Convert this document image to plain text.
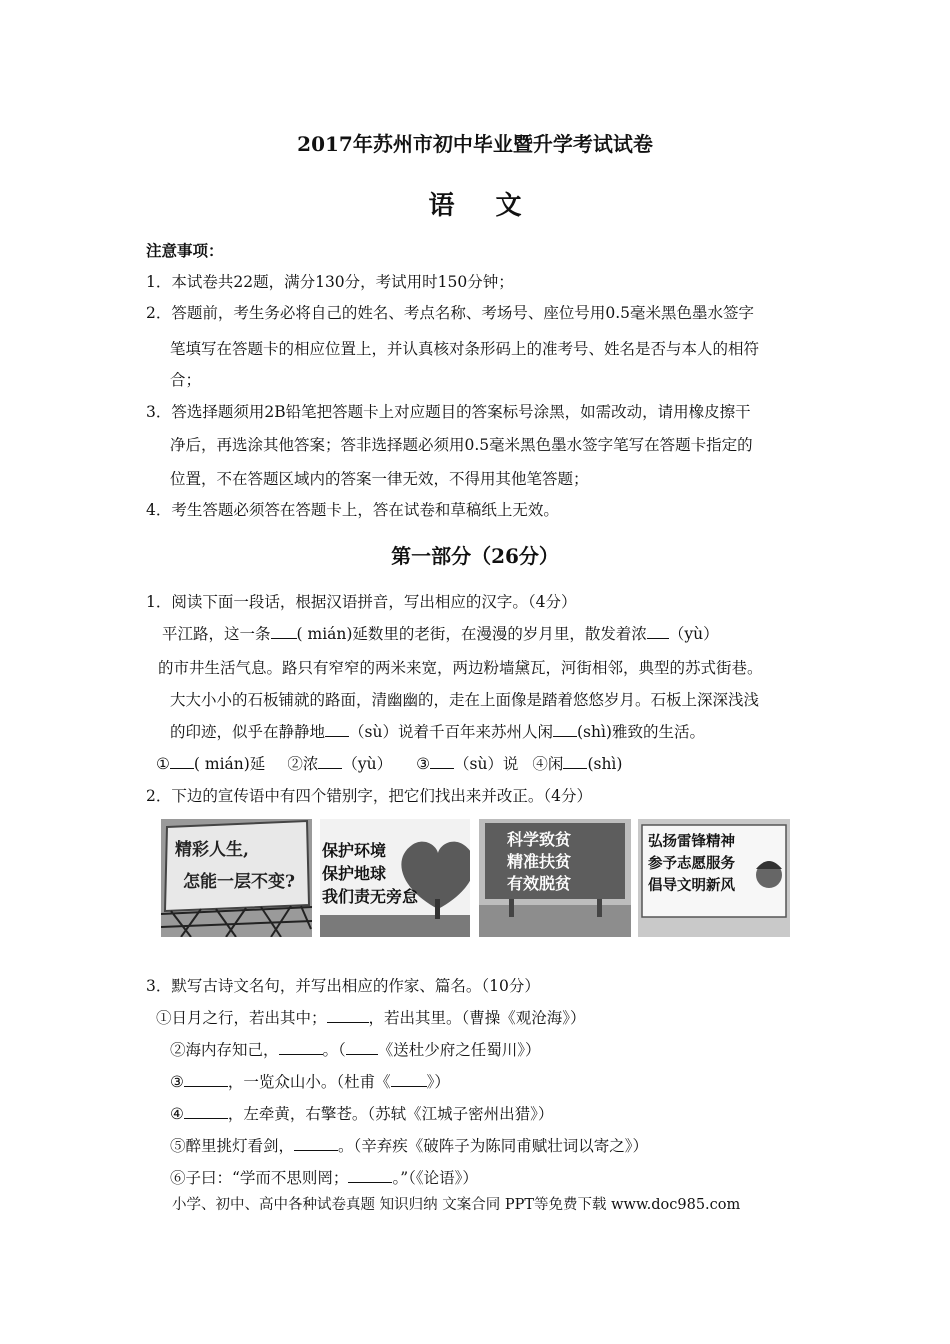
2017年苏州市初中毕业暨升学考试试卷
语 文
注意事项：
1．本试卷共22题，满分130分，考试用时150分钟；
2．答题前，考生务必将自己的姓名、考点名称、考场号、座位号用0.5毫米黑色墨水签字
笔填写在答题卡的相应位置上，并认真核对条形码上的准考号、姓名是否与本人的相符
合；
3．答选择题须用2B铅笔把答题卡上对应题目的答案标号涂黑，如需改动，请用橡皮擦干
净后，再选涂其他答案；答非选择题必须用0.5毫米黑色墨水签字笔写在答题卡指定的
位置，不在答题区域内的答案一律无效，不得用其他笔答题；
4．考生答题必须答在答题卡上，答在试卷和草稿纸上无效。
第一部分（26分）
1．阅读下面一段话，根据汉语拼音，写出相应的汉字。（4分）
平江路，这一条 ( mián)延数里的老街，在漫漫的岁月里，散发着浓 （yù）
的市井生活气息。路只有窄窄的两米来宽，两边粉墙黛瓦，河街相邻，典型的苏式街巷。
大大小小的石板铺就的路面，清幽幽的，走在上面像是踏着悠悠岁月。石板上深深浅浅
的印迹，似乎在静静地 （sù）说着千百年来苏州人闲 (shì)雅致的生活。
① ( mián)延 ②浓 （yù） ③ （sù）说 ④闲 (shì)
2．下边的宣传语中有四个错别字，把它们找出来并改正。（4分）
精彩人生,
怎能一层不变?
保护环境
保护地球
我们责无旁怠
科学致贫
精准扶贫
有效脱贫
弘扬雷锋精神
参予志愿服务
倡导文明新风
3．默写古诗文名句，并写出相应的作家、篇名。（10分）
①日月之行，若出其中；	，若出其里。（曹操《观沧海》）
②海内存知己，	。（ 《送杜少府之任蜀川》）
③	，一览众山小。（杜甫《 》）
④	，左牵黄，右擎苍。（苏轼《江城子密州出猎》）
⑤醉里挑灯看剑，	。（辛弃疾《破阵子为陈同甫赋壮词以寄之》）
⑥子曰：“学而不思则罔；	。”（《论语》）
小学、初中、高中各种试卷真题 知识归纳 文案合同 PPT等免费下载 www.doc985.com
